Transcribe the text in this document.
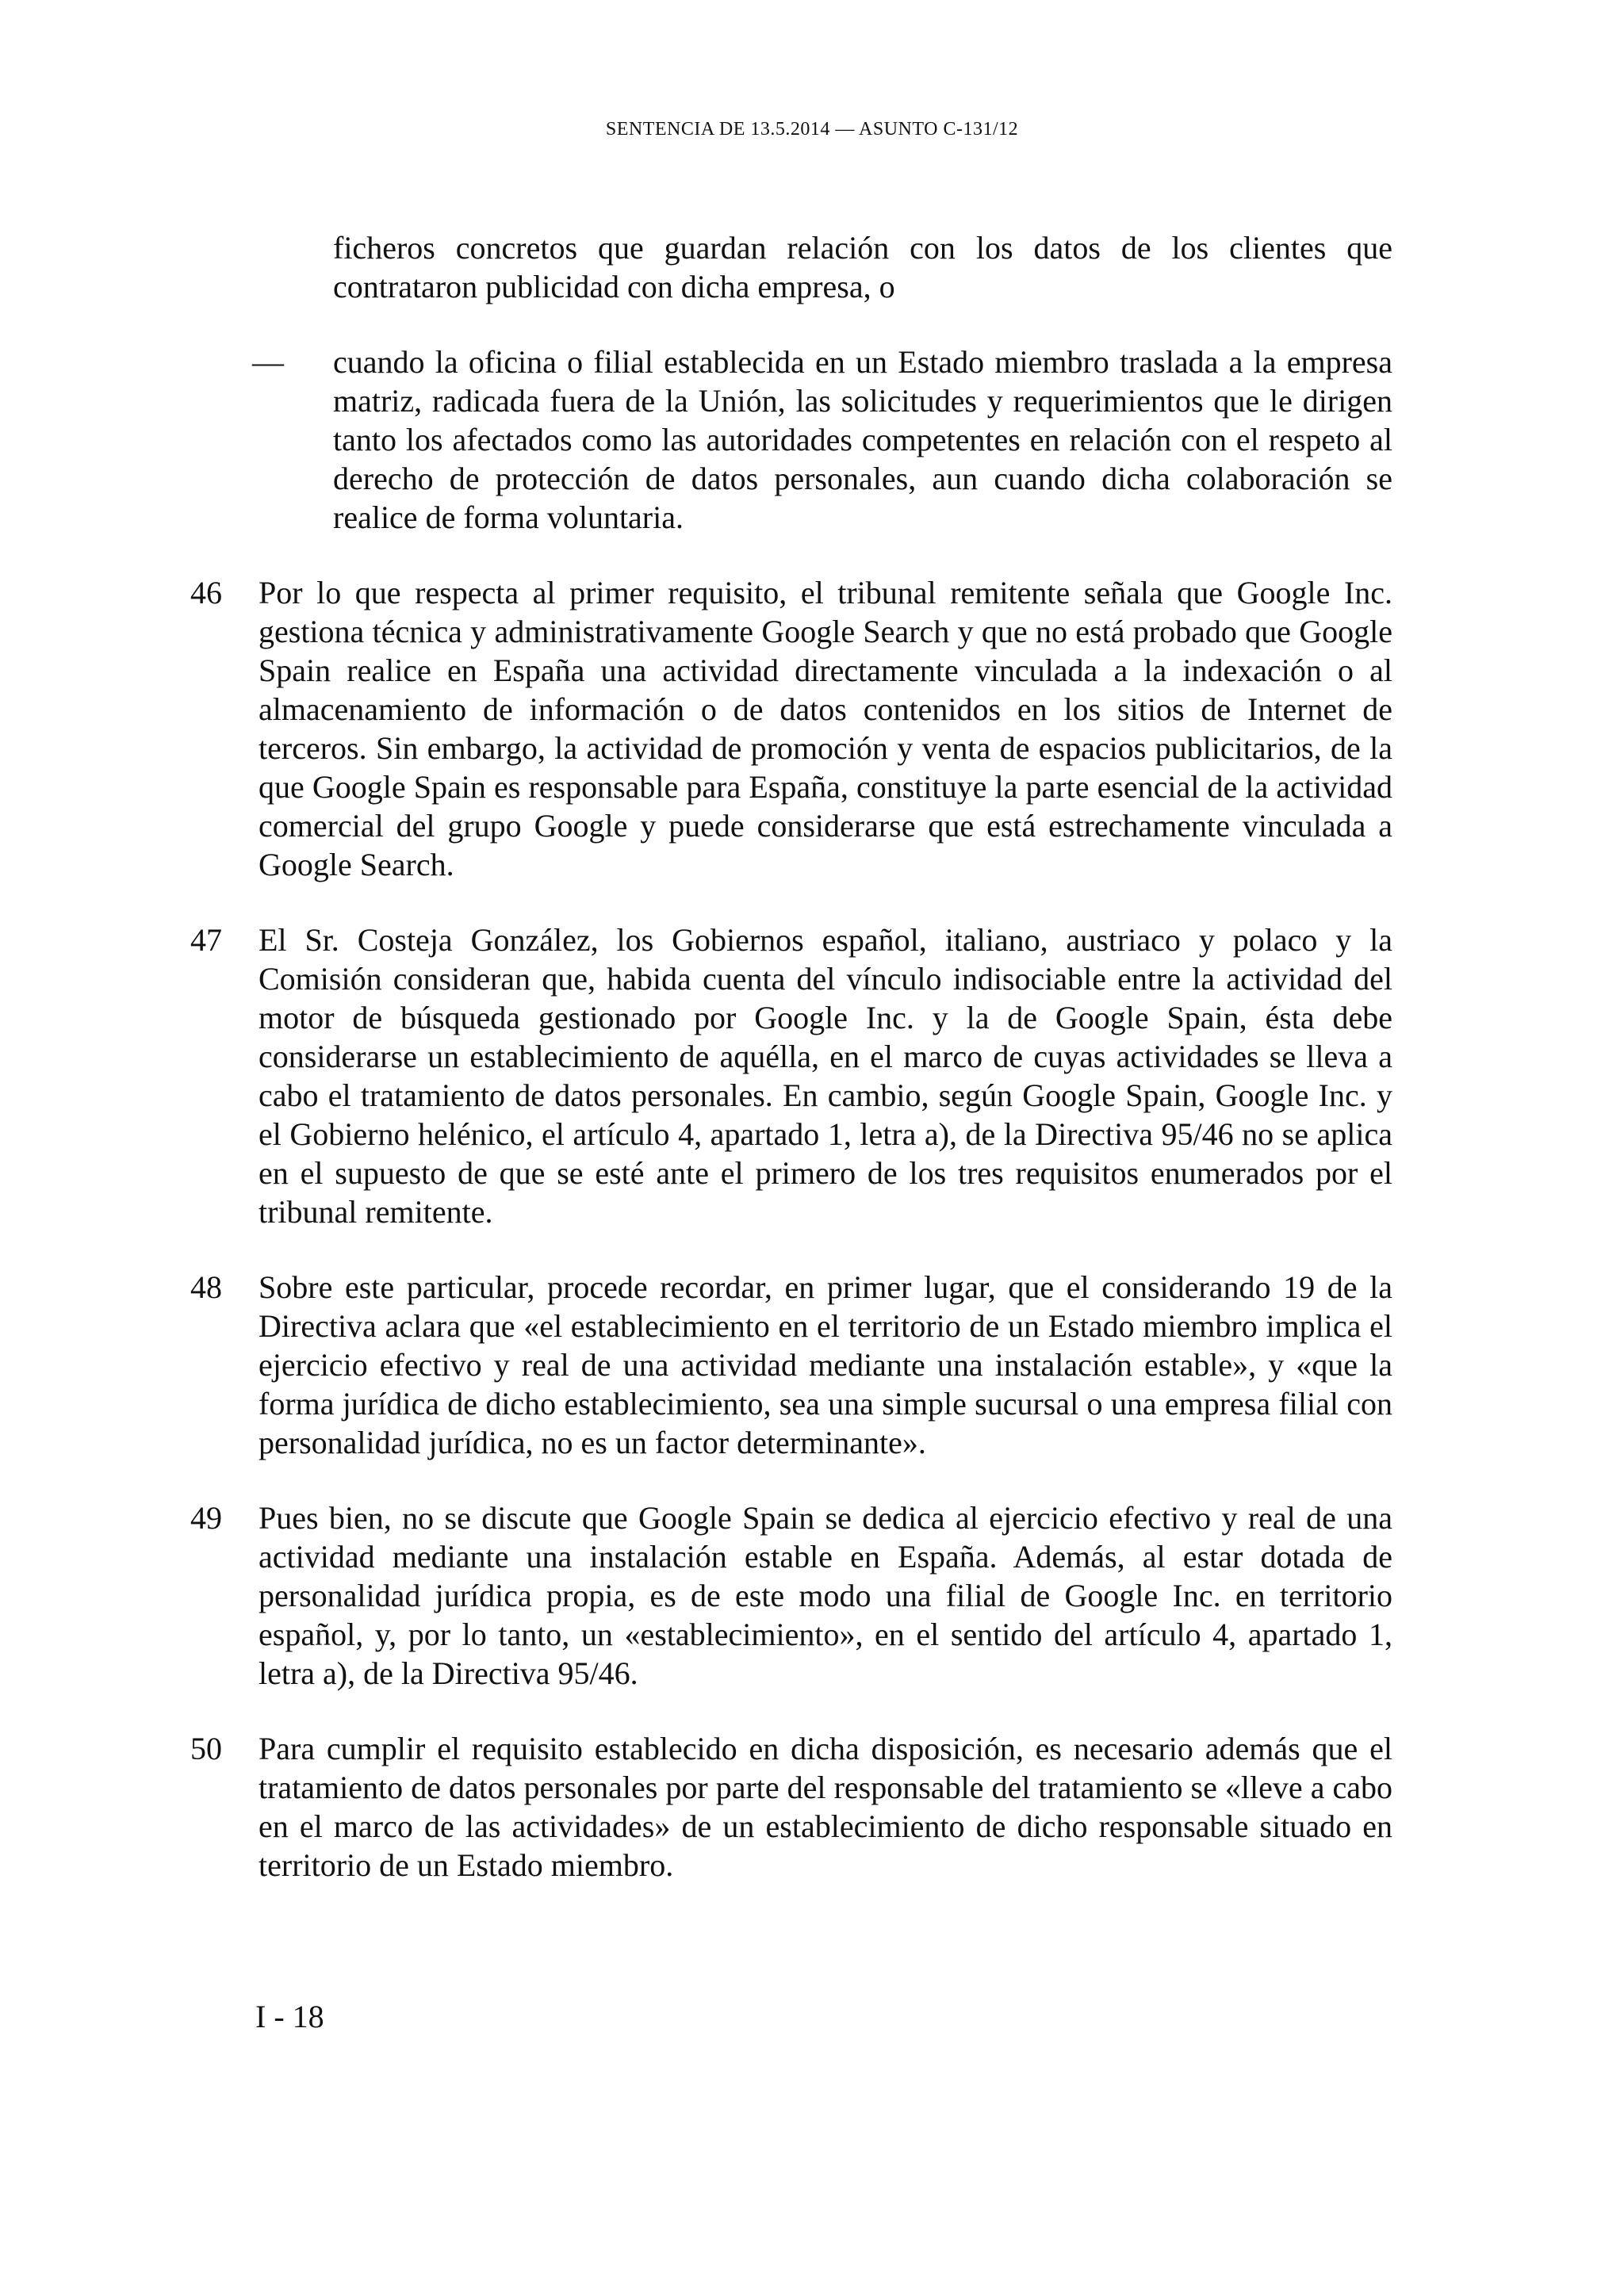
SENTENCIA DE 13.5.2014 — ASUNTO C-131/12
ficheros concretos que guardan relación con los datos de los clientes que contrataron publicidad con dicha empresa, o
— cuando la oficina o filial establecida en un Estado miembro traslada a la empresa matriz, radicada fuera de la Unión, las solicitudes y requerimientos que le dirigen tanto los afectados como las autoridades competentes en relación con el respeto al derecho de protección de datos personales, aun cuando dicha colaboración se realice de forma voluntaria.
46 Por lo que respecta al primer requisito, el tribunal remitente señala que Google Inc. gestiona técnica y administrativamente Google Search y que no está probado que Google Spain realice en España una actividad directamente vinculada a la indexación o al almacenamiento de información o de datos contenidos en los sitios de Internet de terceros. Sin embargo, la actividad de promoción y venta de espacios publicitarios, de la que Google Spain es responsable para España, constituye la parte esencial de la actividad comercial del grupo Google y puede considerarse que está estrechamente vinculada a Google Search.
47 El Sr. Costeja González, los Gobiernos español, italiano, austriaco y polaco y la Comisión consideran que, habida cuenta del vínculo indisociable entre la actividad del motor de búsqueda gestionado por Google Inc. y la de Google Spain, ésta debe considerarse un establecimiento de aquélla, en el marco de cuyas actividades se lleva a cabo el tratamiento de datos personales. En cambio, según Google Spain, Google Inc. y el Gobierno helénico, el artículo 4, apartado 1, letra a), de la Directiva 95/46 no se aplica en el supuesto de que se esté ante el primero de los tres requisitos enumerados por el tribunal remitente.
48 Sobre este particular, procede recordar, en primer lugar, que el considerando 19 de la Directiva aclara que «el establecimiento en el territorio de un Estado miembro implica el ejercicio efectivo y real de una actividad mediante una instalación estable», y «que la forma jurídica de dicho establecimiento, sea una simple sucursal o una empresa filial con personalidad jurídica, no es un factor determinante».
49 Pues bien, no se discute que Google Spain se dedica al ejercicio efectivo y real de una actividad mediante una instalación estable en España. Además, al estar dotada de personalidad jurídica propia, es de este modo una filial de Google Inc. en territorio español, y, por lo tanto, un «establecimiento», en el sentido del artículo 4, apartado 1, letra a), de la Directiva 95/46.
50 Para cumplir el requisito establecido en dicha disposición, es necesario además que el tratamiento de datos personales por parte del responsable del tratamiento se «lleve a cabo en el marco de las actividades» de un establecimiento de dicho responsable situado en territorio de un Estado miembro.
I - 18
